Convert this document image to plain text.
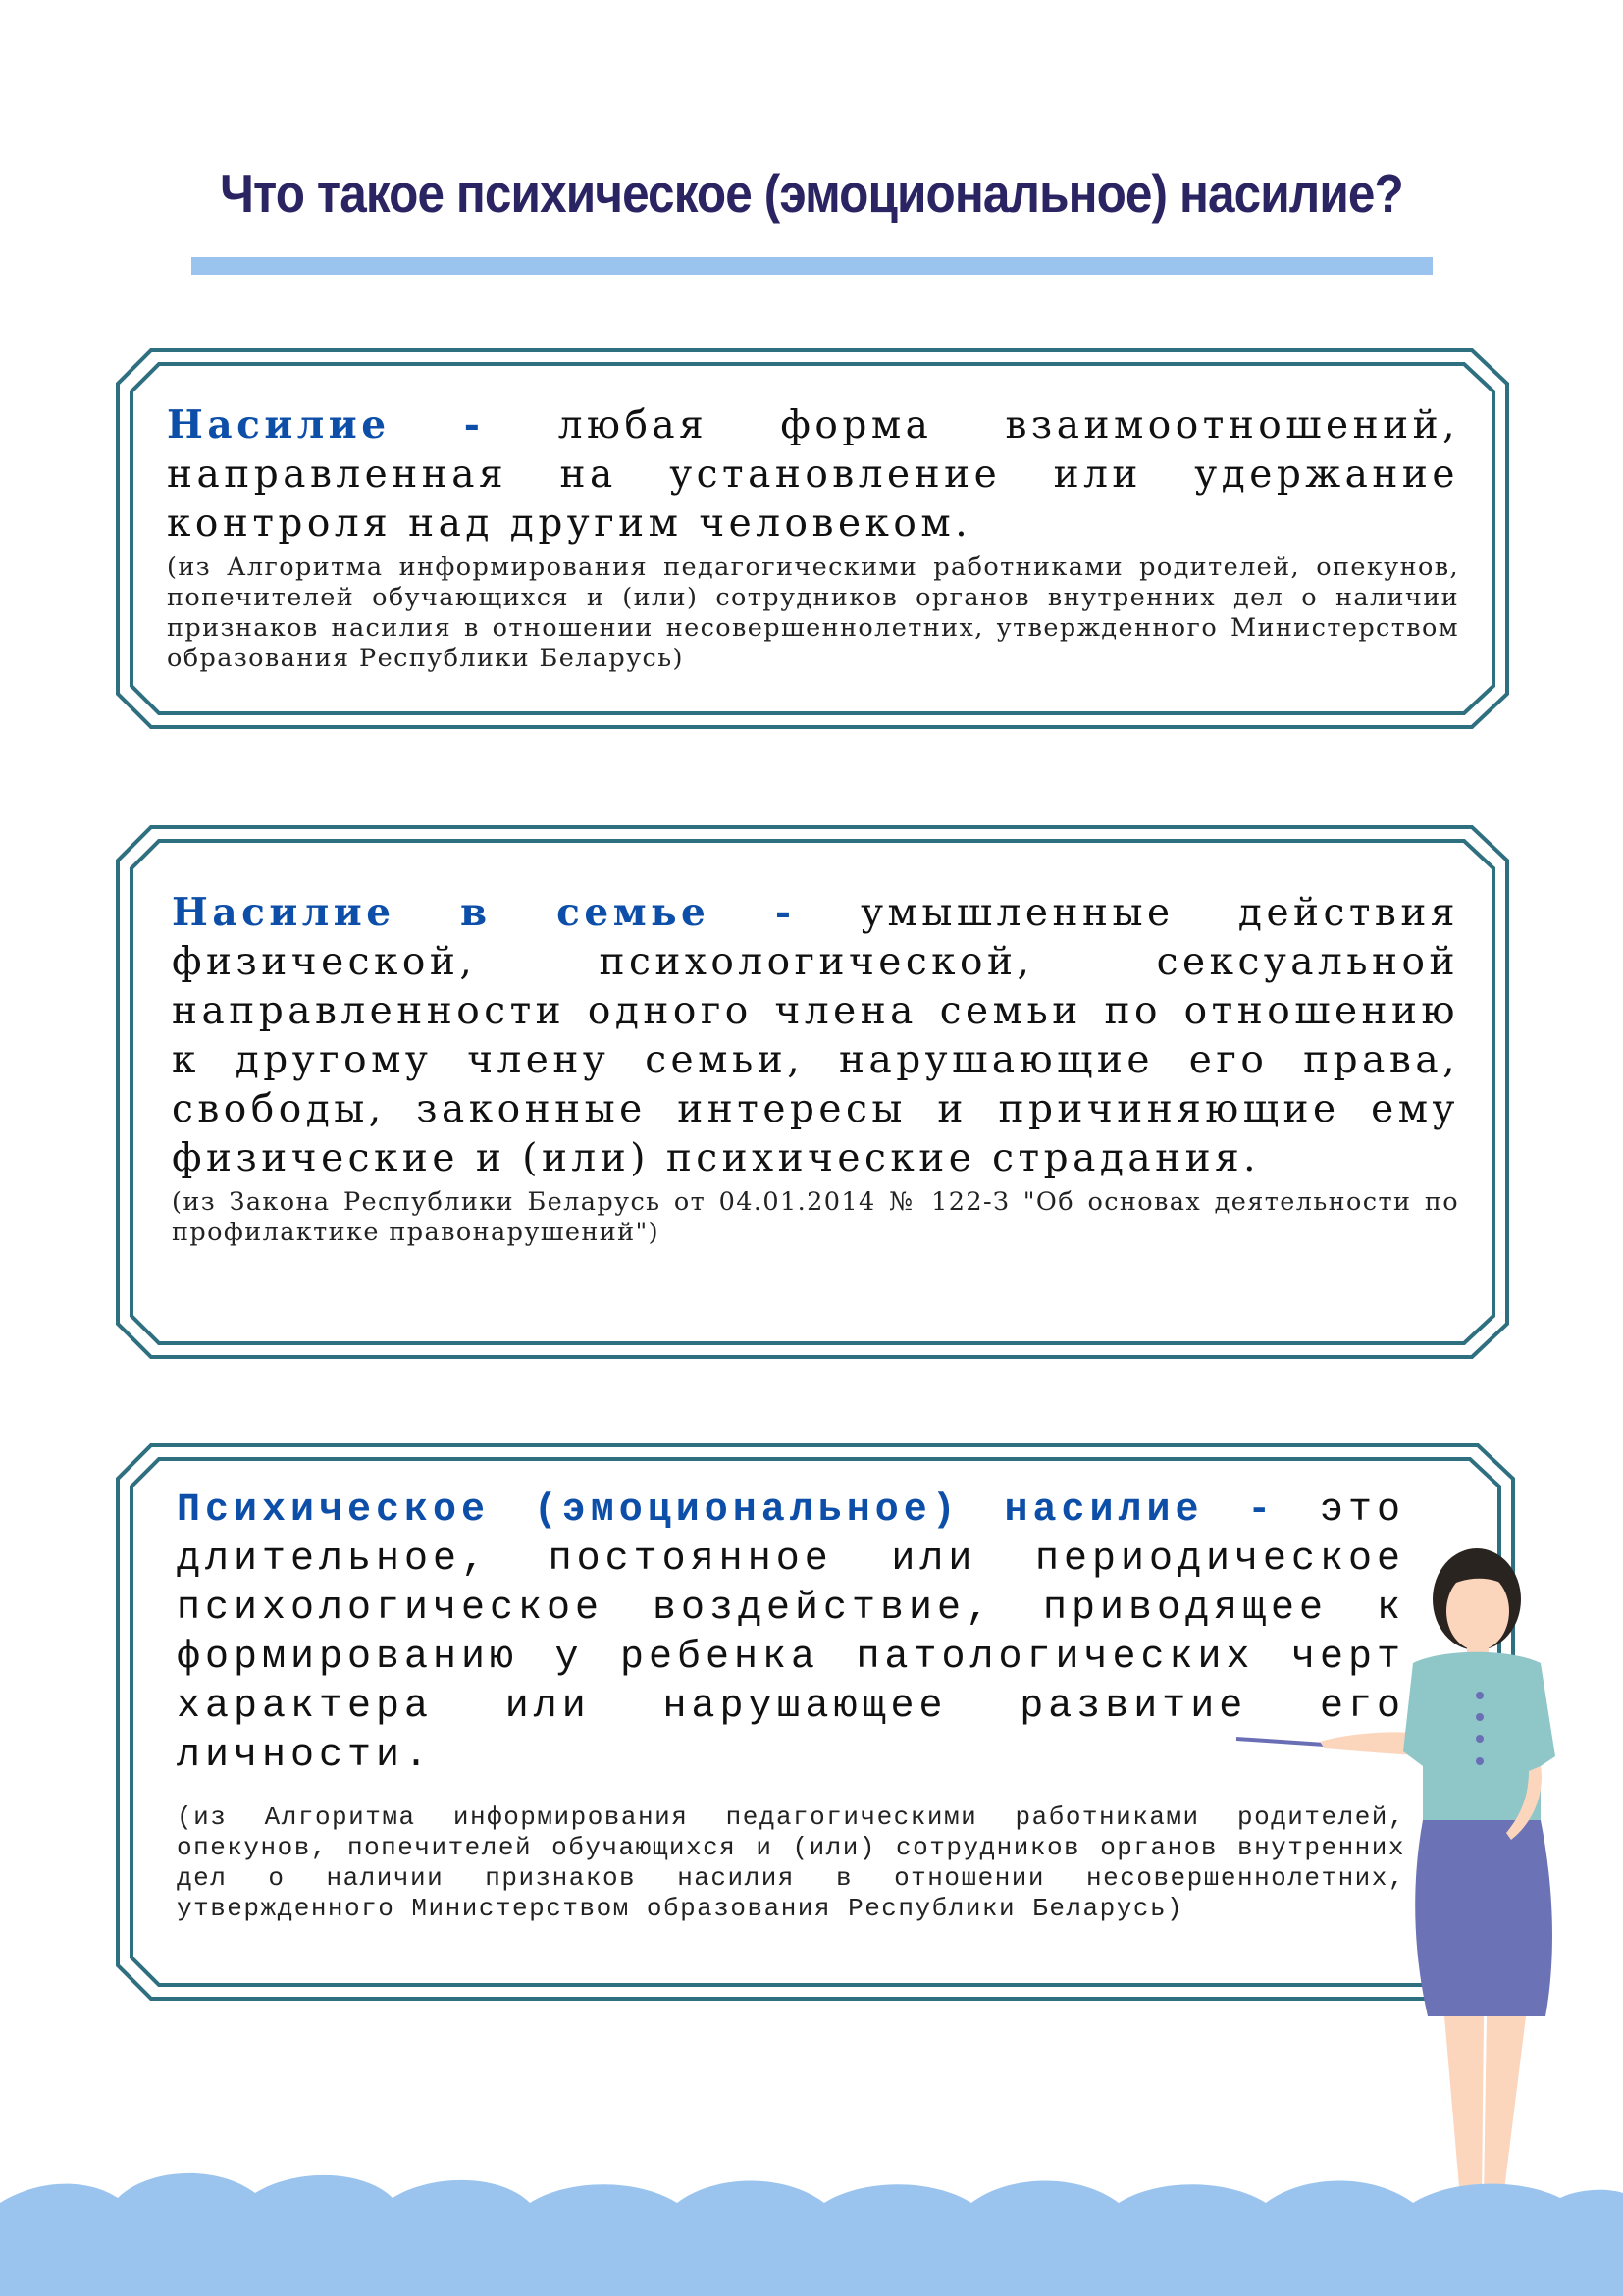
Что такое психическое (эмоциональное) насилие?

Насилие - любая форма взаимоотношений, направленная на установление или удержание контроля над другим человеком.

(из Алгоритма информирования педагогическими работниками родителей, опекунов, попечителей обучающихся и (или) сотрудников органов внутренних дел о наличии признаков насилия в отношении несовершеннолетних, утвержденного Министерством образования Республики Беларусь)

Насилие в семье - умышленные действия физической, психологической, сексуальной направленности одного члена семьи по отношению к другому члену семьи, нарушающие его права, свободы, законные интересы и причиняющие ему физические и (или) психические страдания.

(из Закона Республики Беларусь от 04.01.2014 № 122-З "Об основах деятельности по профилактике правонарушений")

Психическое (эмоциональное) насилие - это длительное, постоянное или периодическое психологическое воздействие, приводящее к формированию у ребенка патологических черт характера или нарушающее развитие его личности.

(из Алгоритма информирования педагогическими работниками родителей, опекунов, попечителей обучающихся и (или) сотрудников органов внутренних дел о наличии признаков насилия в отношении несовершеннолетних, утвержденного Министерством образования Республики Беларусь)
